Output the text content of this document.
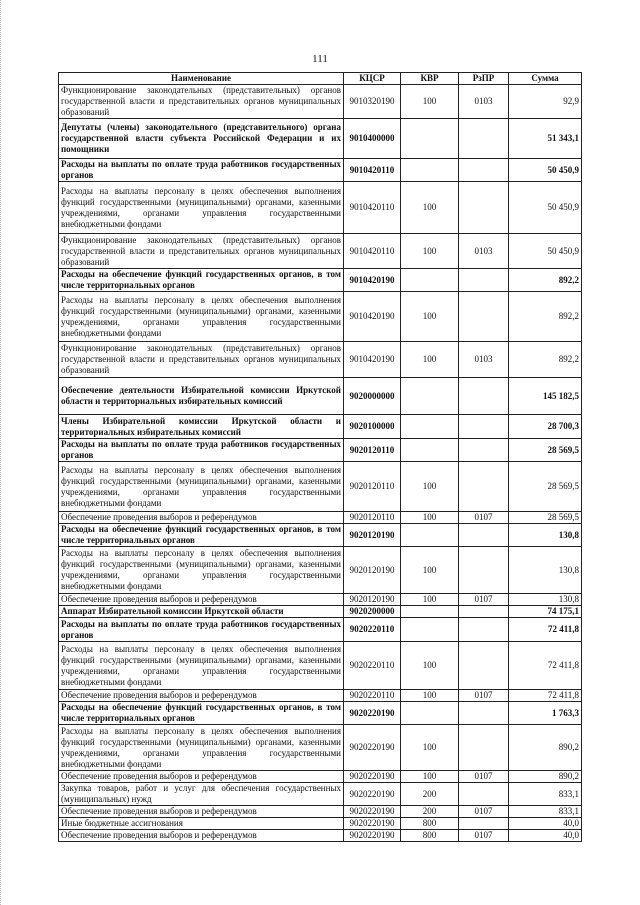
111
Наименование	КЦСР	КВР	РзПР	Сумма
Функционирование законодательных (представительных) органов государственной власти и представительных органов муниципальных образований	9010320190	100	0103	92,9
Депутаты (члены) законодательного (представительного) органа государственной власти субъекта Российской Федерации и их помощники	9010400000			51 343,1
Расходы на выплаты по оплате труда работников государственных органов	9010420110			50 450,9
Расходы на выплаты персоналу в целях обеспечения выполнения функций государственными (муниципальными) органами, казенными учреждениями, органами управления государственными внебюджетными фондами	9010420110	100		50 450,9
Функционирование законодательных (представительных) органов государственной власти и представительных органов муниципальных образований	9010420110	100	0103	50 450,9
Расходы на обеспечение функций государственных органов, в том числе территориальных органов	9010420190			892,2
Расходы на выплаты персоналу в целях обеспечения выполнения функций государственными (муниципальными) органами, казенными учреждениями, органами управления государственными внебюджетными фондами	9010420190	100		892,2
Функционирование законодательных (представительных) органов государственной власти и представительных органов муниципальных образований	9010420190	100	0103	892,2
Обеспечение деятельности Избирательной комиссии Иркутской области и территориальных избирательных комиссий	9020000000			145 182,5
Члены Избирательной комиссии Иркутской области и территориальных избирательных комиссий	9020100000			28 700,3
Расходы на выплаты по оплате труда работников государственных органов	9020120110			28 569,5
Расходы на выплаты персоналу в целях обеспечения выполнения функций государственными (муниципальными) органами, казенными учреждениями, органами управления государственными внебюджетными фондами	9020120110	100		28 569,5
Обеспечение проведения выборов и референдумов	9020120110	100	0107	28 569,5
Расходы на обеспечение функций государственных органов, в том числе территориальных органов	9020120190			130,8
Расходы на выплаты персоналу в целях обеспечения выполнения функций государственными (муниципальными) органами, казенными учреждениями, органами управления государственными внебюджетными фондами	9020120190	100		130,8
Обеспечение проведения выборов и референдумов	9020120190	100	0107	130,8
Аппарат Избирательной комиссии Иркутской области	9020200000			74 175,1
Расходы на выплаты по оплате труда работников государственных органов	9020220110			72 411,8
Расходы на выплаты персоналу в целях обеспечения выполнения функций государственными (муниципальными) органами, казенными учреждениями, органами управления государственными внебюджетными фондами	9020220110	100		72 411,8
Обеспечение проведения выборов и референдумов	9020220110	100	0107	72 411,8
Расходы на обеспечение функций государственных органов, в том числе территориальных органов	9020220190			1 763,3
Расходы на выплаты персоналу в целях обеспечения выполнения функций государственными (муниципальными) органами, казенными учреждениями, органами управления государственными внебюджетными фондами	9020220190	100		890,2
Обеспечение проведения выборов и референдумов	9020220190	100	0107	890,2
Закупка товаров, работ и услуг для обеспечения государственных (муниципальных) нужд	9020220190	200		833,1
Обеспечение проведения выборов и референдумов	9020220190	200	0107	833,1
Иные бюджетные ассигнования	9020220190	800		40,0
Обеспечение проведения выборов и референдумов	9020220190	800	0107	40,0
